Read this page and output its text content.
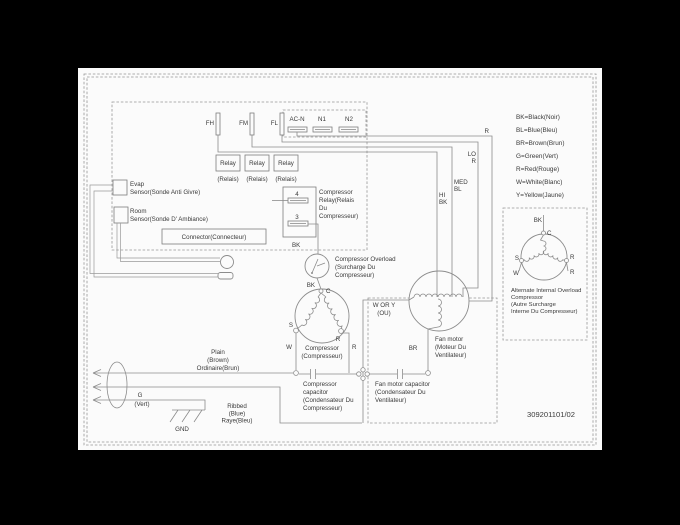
FH	FM	FL
AC-N N1	N2
Relay Relay Relay
(Relais) (Relais) (Relais)
Evap
Sensor(Sonde Anti Givre)
Room
Sensor(Sonde D' Ambiance)
Connector(Connecteur)
4
3
Compressor
Relay(Relais
Du
Compresseur)
BK
R
LO
R
MED
BL
HI
BK
W OR Y
(OU)
BK
C
S
W
R
R	BR
Compressor Overload
(Surcharge Du
Compresseur)
Compressor
(Compresseur)
Fan motor
(Moteur Du
Ventilateur)
Compressor
capacitor
(Condensateur Du
Compresseur)
Fan motor capacitor
(Condensateur Du
Ventilateur)
Plain
(Brown)
Ordinaire(Brun)
G
(Vert)
GND
Ribbed
(Blue)
Raye(Bleu)
BK=Black(Noir)
BL=Blue(Bleu)
BR=Brown(Brun)
G=Green(Vert)
R=Red(Rouge)
W=White(Blanc)
Y=Yellow(Jaune)
BK
C
S
W
R
R
Alternate Internal Overload
Compressor
(Autre Surcharge
Interne Du Compresseur)
309201101/02
